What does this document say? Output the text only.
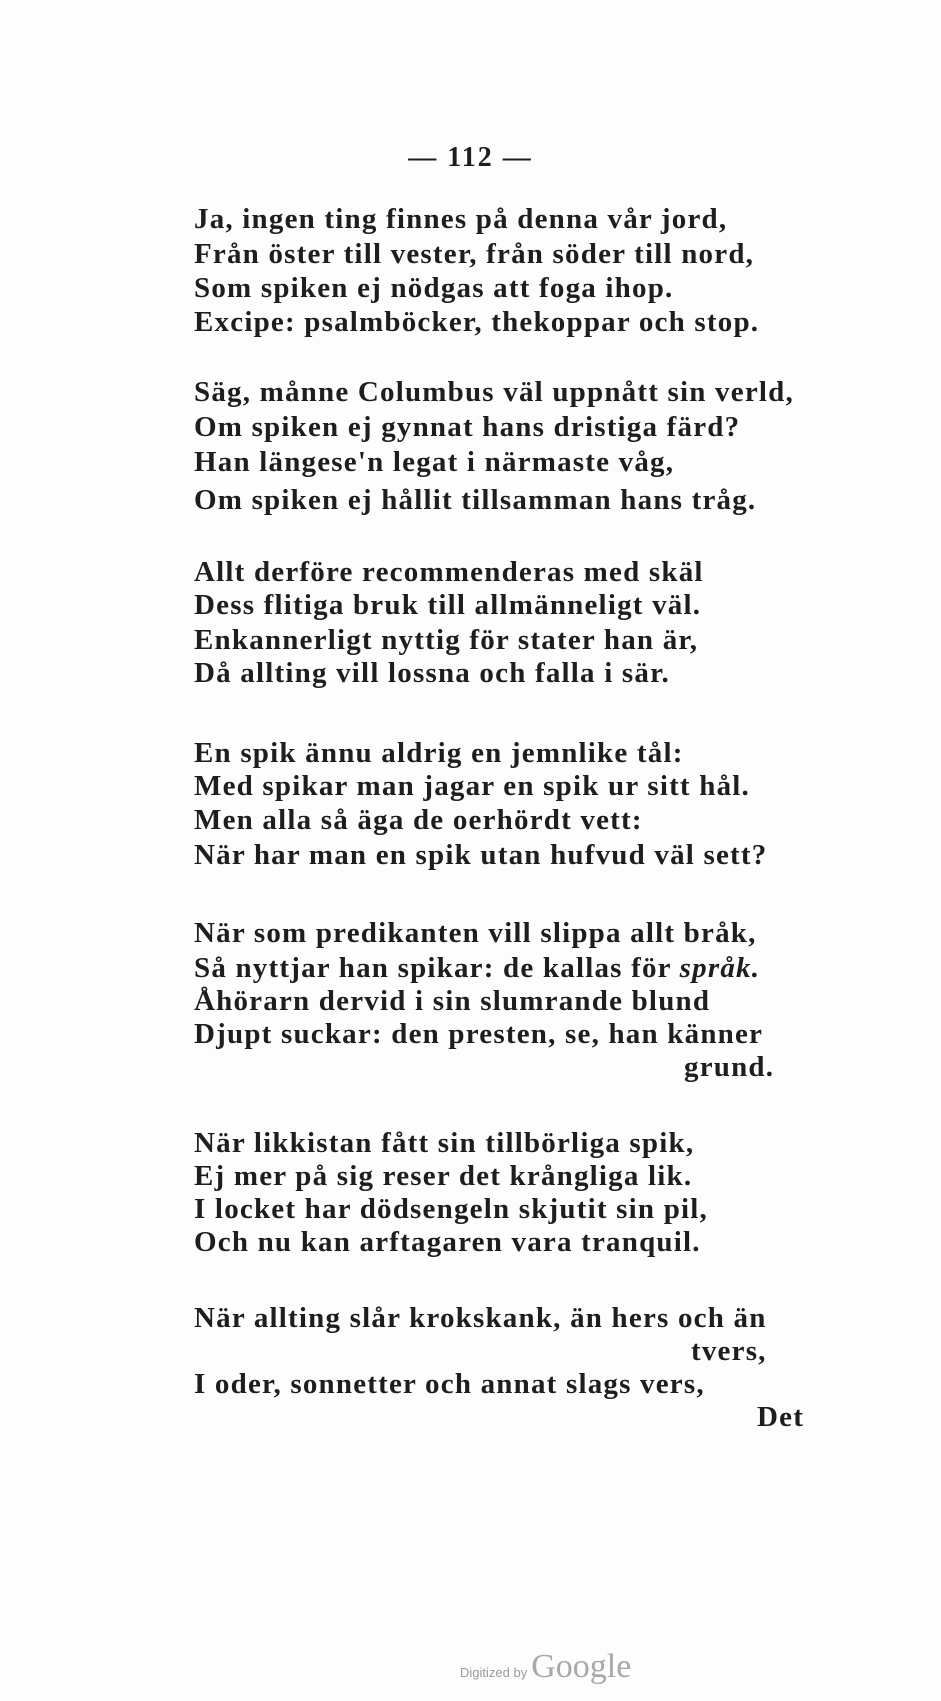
— 112 —
Ja, ingen ting finnes på denna vår jord,
Från öster till vester, från söder till nord,
Som spiken ej nödgas att foga ihop.
Excipe: psalmböcker, thekoppar och stop.
Säg, månne Columbus väl uppnått sin verld,
Om spiken ej gynnat hans dristiga färd?
Han längese'n legat i närmaste våg,
Om spiken ej hållit tillsamman hans tråg.
Allt derföre recommenderas med skäl
Dess flitiga bruk till allmänneligt väl.
Enkannerligt nyttig för stater han är,
Då allting vill lossna och falla i sär.
En spik ännu aldrig en jemnlike tål:
Med spikar man jagar en spik ur sitt hål.
Men alla så äga de oerhördt vett:
När har man en spik utan hufvud väl sett?
När som predikanten vill slippa allt bråk,
Så nyttjar han spikar: de kallas för språk.
Åhörarn dervid i sin slumrande blund
Djupt suckar: den presten, se, han känner
grund.
När likkistan fått sin tillbörliga spik,
Ej mer på sig reser det krångliga lik.
I locket har dödsengeln skjutit sin pil,
Och nu kan arftagaren vara tranquil.
När allting slår krokskank, än hers och än
tvers,
I oder, sonnetter och annat slags vers,
Det
Digitized by Google
